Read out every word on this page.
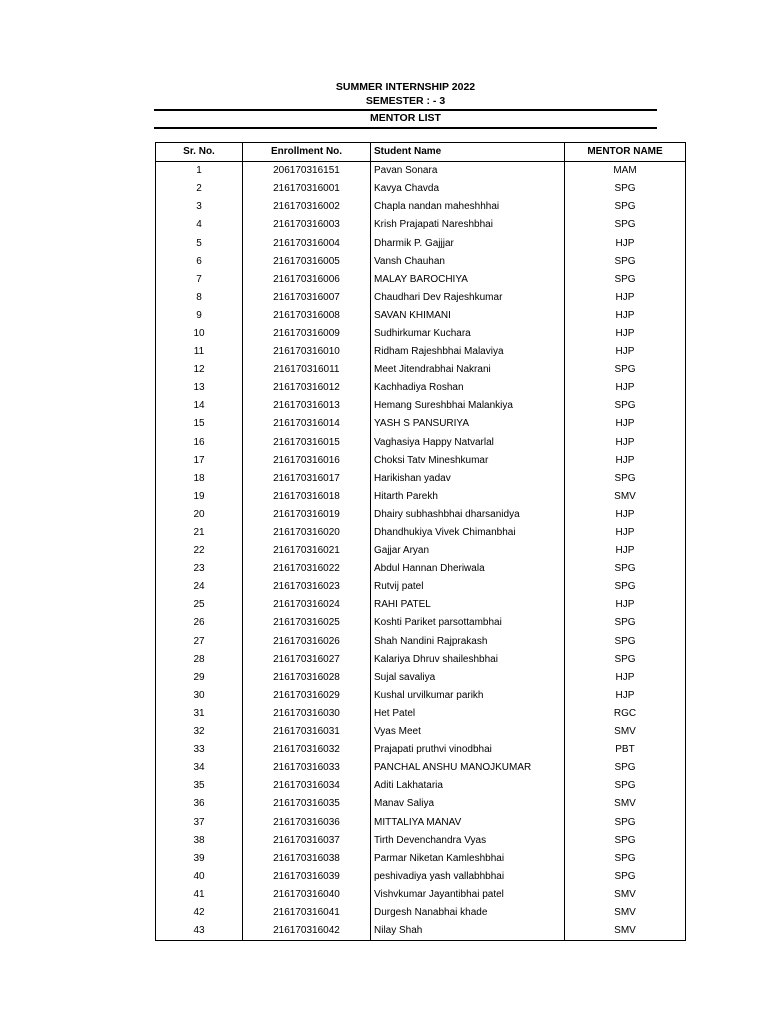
SUMMER INTERNSHIP 2022
SEMESTER : - 3
MENTOR LIST
Sr. No.	Enrollment No.	Student Name	MENTOR NAME
1	206170316151	Pavan Sonara	MAM
2	216170316001	Kavya Chavda	SPG
3	216170316002	Chapla nandan maheshhhai	SPG
4	216170316003	Krish Prajapati Nareshbhai	SPG
5	216170316004	Dharmik P. Gajjjar	HJP
6	216170316005	Vansh Chauhan	SPG
7	216170316006	MALAY BAROCHIYA	SPG
8	216170316007	Chaudhari Dev Rajeshkumar	HJP
9	216170316008	SAVAN KHIMANI	HJP
10	216170316009	Sudhirkumar Kuchara	HJP
11	216170316010	Ridham Rajeshbhai Malaviya	HJP
12	216170316011	Meet Jitendrabhai Nakrani	SPG
13	216170316012	Kachhadiya Roshan	HJP
14	216170316013	Hemang Sureshbhai Malankiya	SPG
15	216170316014	YASH S PANSURIYA	HJP
16	216170316015	Vaghasiya Happy Natvarlal	HJP
17	216170316016	Choksi Tatv Mineshkumar	HJP
18	216170316017	Harikishan yadav	SPG
19	216170316018	Hitarth Parekh	SMV
20	216170316019	Dhairy subhashbhai dharsanidya	HJP
21	216170316020	Dhandhukiya Vivek Chimanbhai	HJP
22	216170316021	Gajjar Aryan	HJP
23	216170316022	Abdul Hannan Dheriwala	SPG
24	216170316023	Rutvij patel	SPG
25	216170316024	RAHI PATEL	HJP
26	216170316025	Koshti Pariket parsottambhai	SPG
27	216170316026	Shah Nandini Rajprakash	SPG
28	216170316027	Kalariya Dhruv shaileshbhai	SPG
29	216170316028	Sujal savaliya	HJP
30	216170316029	Kushal urvilkumar parikh	HJP
31	216170316030	Het Patel	RGC
32	216170316031	Vyas Meet	SMV
33	216170316032	Prajapati pruthvi vinodbhai	PBT
34	216170316033	PANCHAL ANSHU MANOJKUMAR	SPG
35	216170316034	Aditi Lakhataria	SPG
36	216170316035	Manav Saliya	SMV
37	216170316036	MITTALIYA MANAV	SPG
38	216170316037	Tirth Devenchandra Vyas	SPG
39	216170316038	Parmar Niketan Kamleshbhai	SPG
40	216170316039	peshivadiya yash vallabhbhai	SPG
41	216170316040	Vishvkumar Jayantibhai patel	SMV
42	216170316041	Durgesh Nanabhai khade	SMV
43	216170316042	Nilay Shah	SMV
